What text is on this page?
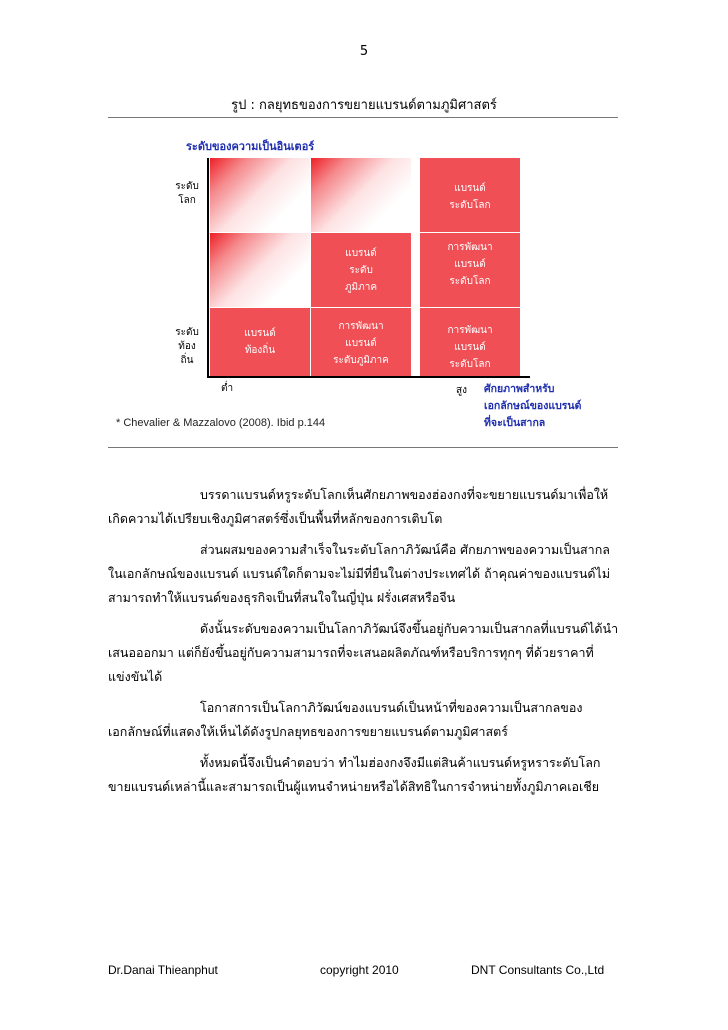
5
รูป : กลยุทธของการขยายแบรนด์ตามภูมิศาสตร์
ระดับของความเป็นอินเตอร์
ระดับ
โลก
ระดับ
ท้อง
ถิ่น
แบรนด์
ระดับโลก
แบรนด์
ระดับ
ภูมิภาค
การพัฒนา
แบรนด์
ระดับโลก
แบรนด์
ท้องถิ่น
การพัฒนา
แบรนด์
ระดับภูมิภาค
การพัฒนา
แบรนด์
ระดับโลก
ต่ำ	สูง ศักยภาพสำหรับ
เอกลักษณ์ของแบรนด์
ที่จะเป็นสากล
* Chevalier & Mazzalovo (2008). Ibid p.144

บรรดาแบรนด์หรูระดับโลกเห็นศักยภาพของฮ่องกงที่จะขยายแบรนด์มาเพื่อให้

เกิดความได้เปรียบเชิงภูมิศาสตร์ซึ่งเป็นพื้นที่หลักของการเติบโต

ส่วนผสมของความสำเร็จในระดับโลกาภิวัฒน์คือ ศักยภาพของความเป็นสากลในเอกลักษณ์ของแบรนด์ แบรนด์ใดก็ตามจะไม่มีที่ยืนในต่างประเทศได้ ถ้าคุณค่าของแบรนด์ไม่สามารถทำให้แบรนด์ของธุรกิจเป็นที่สนใจในญี่ปุ่น ฝรั่งเศสหรือจีน

ดังนั้นระดับของความเป็นโลกาภิวัฒน์จึงขึ้นอยู่กับความเป็นสากลที่แบรนด์ได้นำเสนอออกมา แต่ก็ยังขึ้นอยู่กับความสามารถที่จะเสนอผลิตภัณฑ์หรือบริการทุกๆ ที่ด้วยราคาที่แข่งขันได้

โอกาสการเป็นโลกาภิวัฒน์ของแบรนด์เป็นหน้าที่ของความเป็นสากลของเอกลักษณ์ที่แสดงให้เห็นได้ดังรูปกลยุทธของการขยายแบรนด์ตามภูมิศาสตร์

ทั้งหมดนี้จึงเป็นคำตอบว่า ทำไมฮ่องกงจึงมีแต่สินค้าแบรนด์หรูหราระดับโลกขายแบรนด์เหล่านี้และสามารถเป็นผู้แทนจำหน่ายหรือได้สิทธิในการจำหน่ายทั้งภูมิภาคเอเชีย

Dr.Danai Thieanphut	copyright 2010	DNT Consultants Co.,Ltd
